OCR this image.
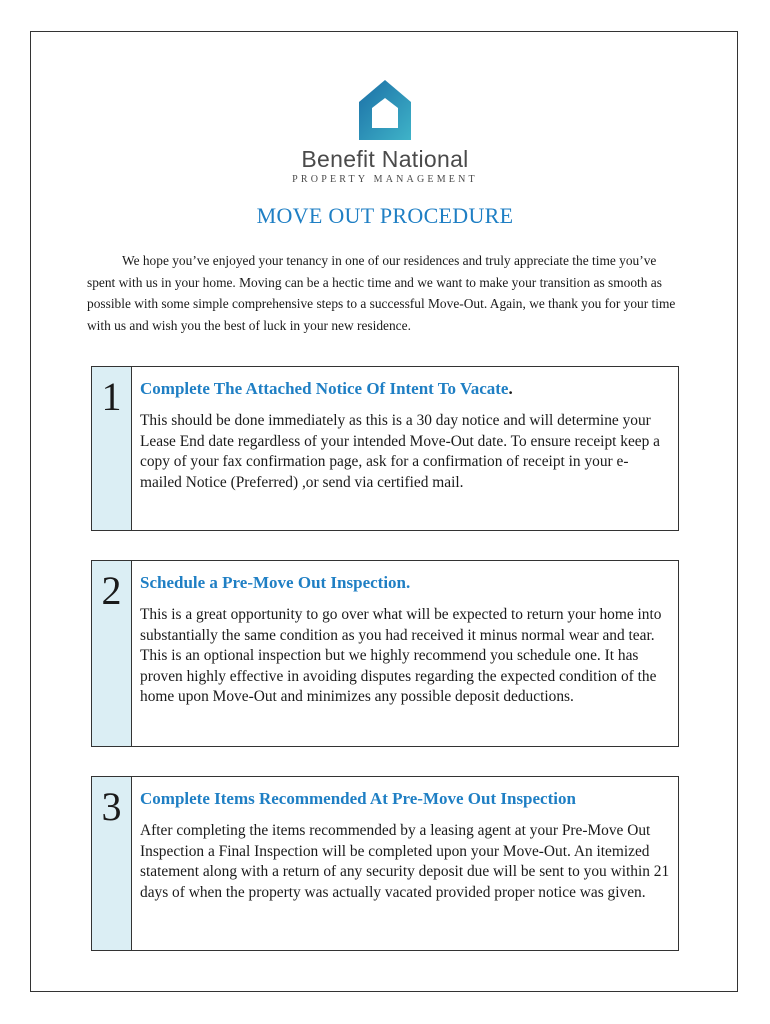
Benefit National
PROPERTY MANAGEMENT
MOVE OUT PROCEDURE

We hope you’ve enjoyed your tenancy in one of our residences and truly appreciate the time you’ve spent with us in your home. Moving can be a hectic time and we want to make your transition as smooth as possible with some simple comprehensive steps to a successful Move-Out. Again, we thank you for your time with us and wish you the best of luck in your new residence.

1	Complete The Attached Notice Of Intent To Vacate.

This should be done immediately as this is a 30 day notice and will determine your Lease End date regardless of your intended Move-Out date. To ensure receipt keep a copy of your fax confirmation page, ask for a confirmation of receipt in your e-mailed Notice (Preferred) ,or send via certified mail.

2	Schedule a Pre-Move Out Inspection.

This is a great opportunity to go over what will be expected to return your home into substantially the same condition as you had received it minus normal wear and tear. This is an optional inspection but we highly recommend you schedule one. It has proven highly effective in avoiding disputes regarding the expected condition of the home upon Move-Out and minimizes any possible deposit deductions.

3	Complete Items Recommended At Pre-Move Out Inspection

After completing the items recommended by a leasing agent at your Pre-Move Out Inspection a Final Inspection will be completed upon your Move-Out. An itemized statement along with a return of any security deposit due will be sent to you within 21 days of when the property was actually vacated provided proper notice was given.
